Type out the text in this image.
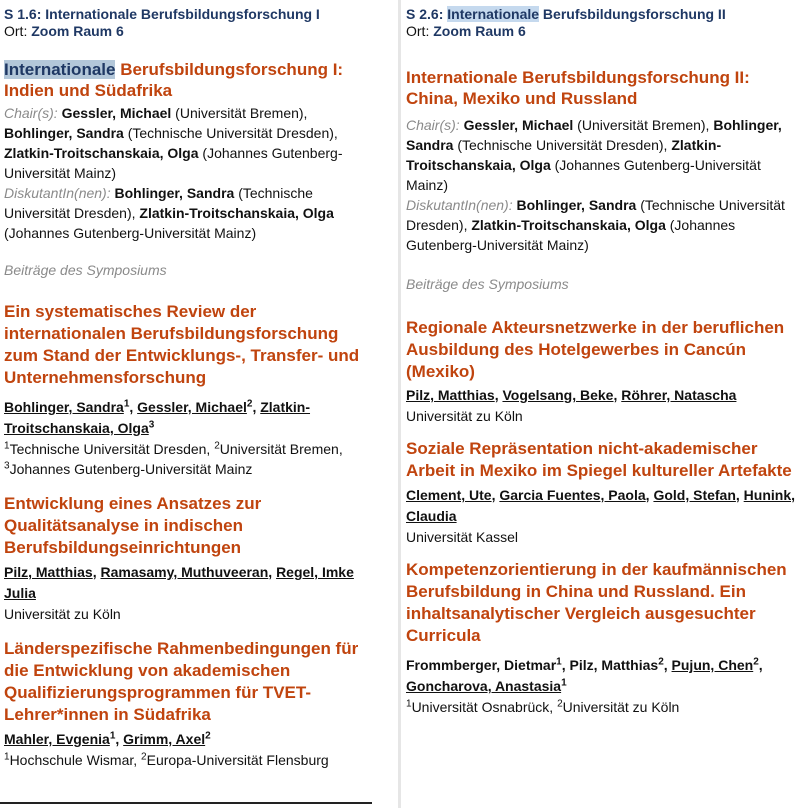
S 1.6: Internationale Berufsbildungsforschung I
Ort: Zoom Raum 6
Internationale Berufsbildungsforschung I: Indien und Südafrika
Chair(s): Gessler, Michael (Universität Bremen), Bohlinger, Sandra (Technische Universität Dresden), Zlatkin-Troitschanskaia, Olga (Johannes Gutenberg-Universität Mainz)
DiskutantIn(nen): Bohlinger, Sandra (Technische Universität Dresden), Zlatkin-Troitschanskaia, Olga (Johannes Gutenberg-Universität Mainz)
Beiträge des Symposiums
Ein systematisches Review der internationalen Berufsbildungsforschung zum Stand der Entwicklungs-, Transfer- und Unternehmensforschung
Bohlinger, Sandra$^1$, Gessler, Michael$^2$, Zlatkin-Troitschanskaia, Olga$^3$
$^1$Technische Universität Dresden, $^2$Universität Bremen, $^3$Johannes Gutenberg-Universität Mainz
Entwicklung eines Ansatzes zur Qualitätsanalyse in indischen Berufsbildungseinrichtungen
Pilz, Matthias, Ramasamy, Muthuveeran, Regel, Imke Julia
Universität zu Köln
Länderspezifische Rahmenbedingungen für die Entwicklung von akademischen Qualifizierungsprogrammen für TVET-Lehrer*innen in Südafrika
Mahler, Evgenia$^1$, Grimm, Axel$^2$
$^1$Hochschule Wismar, $^2$Europa-Universität Flensburg
S 2.6: Internationale Berufsbildungsforschung II
Ort: Zoom Raum 6
Internationale Berufsbildungsforschung II: China, Mexiko und Russland
Chair(s): Gessler, Michael (Universität Bremen), Bohlinger, Sandra (Technische Universität Dresden), Zlatkin-Troitschanskaia, Olga (Johannes Gutenberg-Universität Mainz)
DiskutantIn(nen): Bohlinger, Sandra (Technische Universität Dresden), Zlatkin-Troitschanskaia, Olga (Johannes Gutenberg-Universität Mainz)
Beiträge des Symposiums
Regionale Akteursnetzwerke in der beruflichen Ausbildung des Hotelgewerbes in Cancún (Mexiko)
Pilz, Matthias, Vogelsang, Beke, Röhrer, Natascha
Universität zu Köln
Soziale Repräsentation nicht-akademischer Arbeit in Mexiko im Spiegel kultureller Artefakte
Clement, Ute, Garcia Fuentes, Paola, Gold, Stefan, Hunink, Claudia
Universität Kassel
Kompetenzorientierung in der kaufmännischen Berufsbildung in China und Russland. Ein inhaltsanalytischer Vergleich ausgesuchter Curricula
Frommberger, Dietmar$^1$, Pilz, Matthias$^2$, Pujun, Chen$^2$, Goncharova, Anastasia$^1$
$^1$Universität Osnabrück, $^2$Universität zu Köln
